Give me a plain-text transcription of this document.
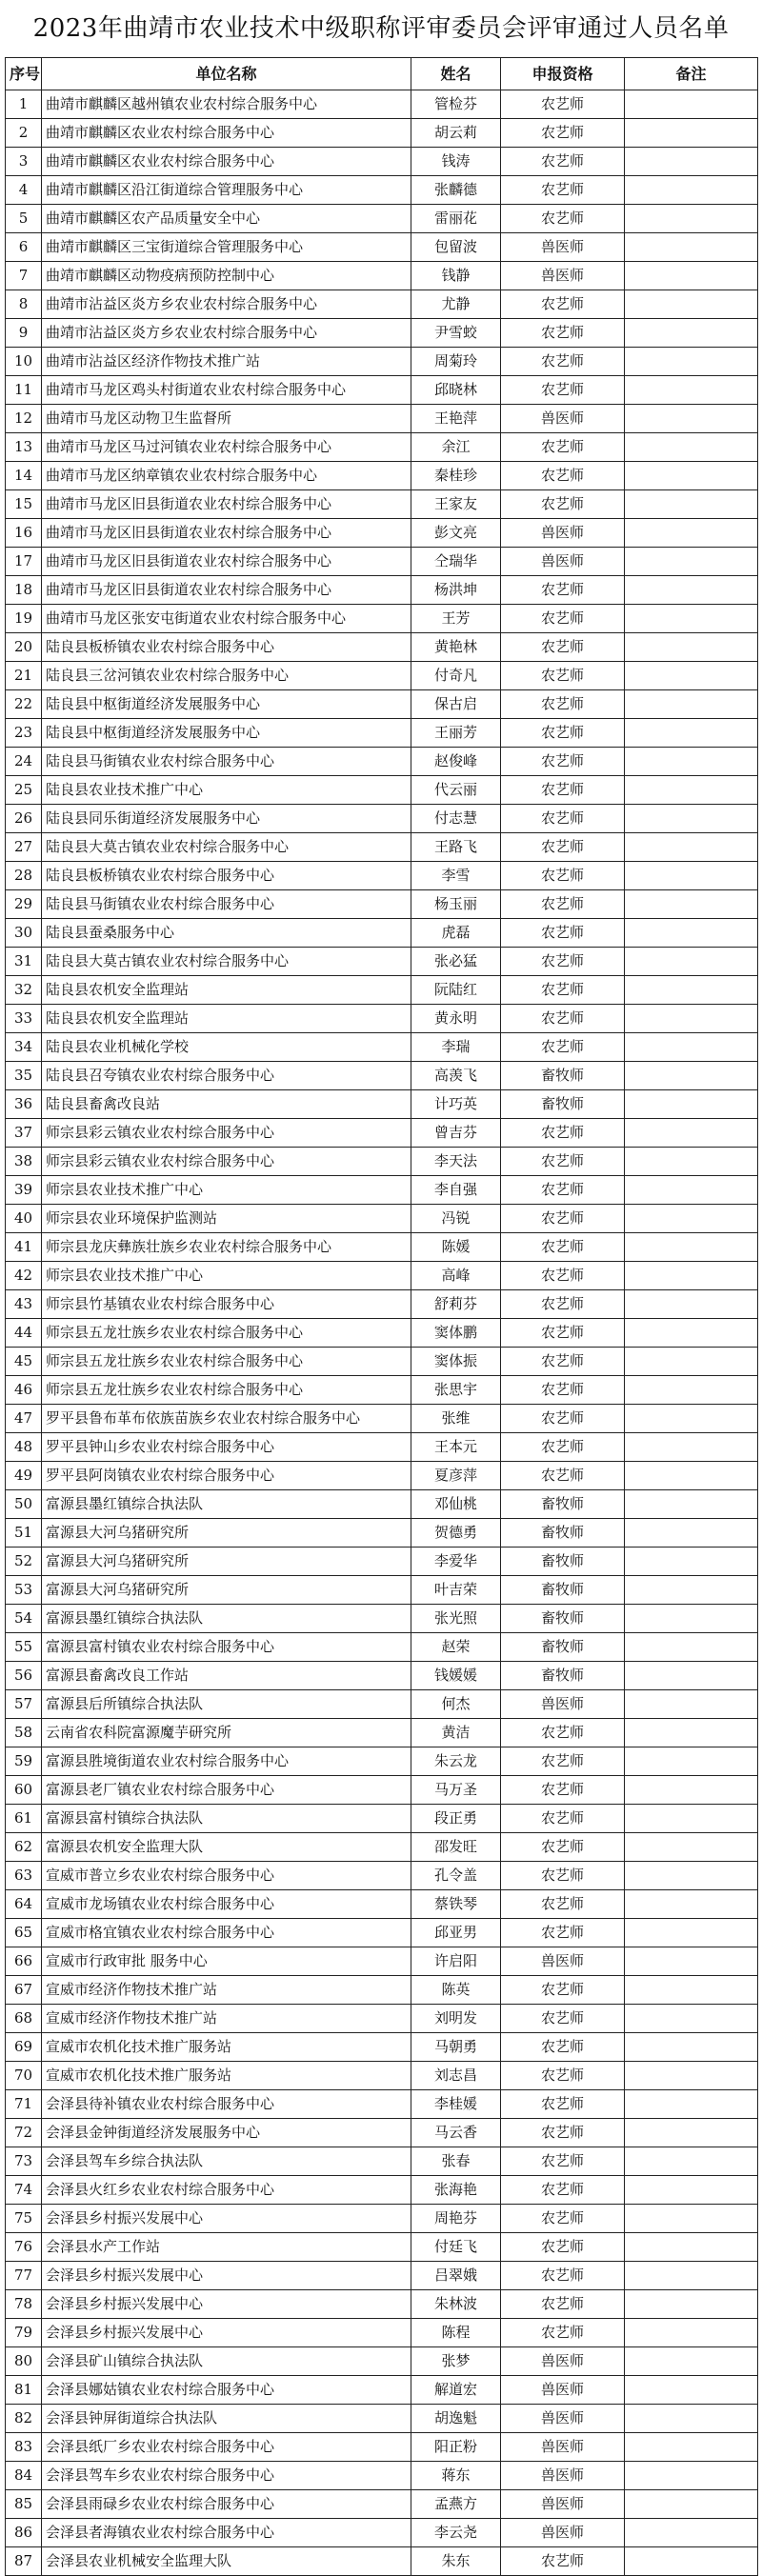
2023年曲靖市农业技术中级职称评审委员会评审通过人员名单
序号	单位名称	姓名	申报资格	备注
1	曲靖市麒麟区越州镇农业农村综合服务中心	管检芬	农艺师	
2	曲靖市麒麟区农业农村综合服务中心	胡云莉	农艺师	
3	曲靖市麒麟区农业农村综合服务中心	钱涛	农艺师	
4	曲靖市麒麟区沿江街道综合管理服务中心	张麟德	农艺师	
5	曲靖市麒麟区农产品质量安全中心	雷丽花	农艺师	
6	曲靖市麒麟区三宝街道综合管理服务中心	包留波	兽医师	
7	曲靖市麒麟区动物疫病预防控制中心	钱静	兽医师	
8	曲靖市沾益区炎方乡农业农村综合服务中心	尤静	农艺师	
9	曲靖市沾益区炎方乡农业农村综合服务中心	尹雪蛟	农艺师	
10	曲靖市沾益区经济作物技术推广站	周菊玲	农艺师	
11	曲靖市马龙区鸡头村街道农业农村综合服务中心	邱晓林	农艺师	
12	曲靖市马龙区动物卫生监督所	王艳萍	兽医师	
13	曲靖市马龙区马过河镇农业农村综合服务中心	余江	农艺师	
14	曲靖市马龙区纳章镇农业农村综合服务中心	秦桂珍	农艺师	
15	曲靖市马龙区旧县街道农业农村综合服务中心	王家友	农艺师	
16	曲靖市马龙区旧县街道农业农村综合服务中心	彭文亮	兽医师	
17	曲靖市马龙区旧县街道农业农村综合服务中心	仝瑞华	兽医师	
18	曲靖市马龙区旧县街道农业农村综合服务中心	杨洪坤	农艺师	
19	曲靖市马龙区张安屯街道农业农村综合服务中心	王芳	农艺师	
20	陆良县板桥镇农业农村综合服务中心	黄艳林	农艺师	
21	陆良县三岔河镇农业农村综合服务中心	付奇凡	农艺师	
22	陆良县中枢街道经济发展服务中心	保古启	农艺师	
23	陆良县中枢街道经济发展服务中心	王丽芳	农艺师	
24	陆良县马街镇农业农村综合服务中心	赵俊峰	农艺师	
25	陆良县农业技术推广中心	代云丽	农艺师	
26	陆良县同乐街道经济发展服务中心	付志慧	农艺师	
27	陆良县大莫古镇农业农村综合服务中心	王路飞	农艺师	
28	陆良县板桥镇农业农村综合服务中心	李雪	农艺师	
29	陆良县马街镇农业农村综合服务中心	杨玉丽	农艺师	
30	陆良县蚕桑服务中心	虎磊	农艺师	
31	陆良县大莫古镇农业农村综合服务中心	张必猛	农艺师	
32	陆良县农机安全监理站	阮陆红	农艺师	
33	陆良县农机安全监理站	黄永明	农艺师	
34	陆良县农业机械化学校	李瑞	农艺师	
35	陆良县召夸镇农业农村综合服务中心	高羡飞	畜牧师	
36	陆良县畜禽改良站	计巧英	畜牧师	
37	师宗县彩云镇农业农村综合服务中心	曾吉芬	农艺师	
38	师宗县彩云镇农业农村综合服务中心	李天法	农艺师	
39	师宗县农业技术推广中心	李自强	农艺师	
40	师宗县农业环境保护监测站	冯锐	农艺师	
41	师宗县龙庆彝族壮族乡农业农村综合服务中心	陈媛	农艺师	
42	师宗县农业技术推广中心	高峰	农艺师	
43	师宗县竹基镇农业农村综合服务中心	舒莉芬	农艺师	
44	师宗县五龙壮族乡农业农村综合服务中心	窦体鹏	农艺师	
45	师宗县五龙壮族乡农业农村综合服务中心	窦体振	农艺师	
46	师宗县五龙壮族乡农业农村综合服务中心	张思宇	农艺师	
47	罗平县鲁布革布依族苗族乡农业农村综合服务中心	张维	农艺师	
48	罗平县钟山乡农业农村综合服务中心	王本元	农艺师	
49	罗平县阿岗镇农业农村综合服务中心	夏彦萍	农艺师	
50	富源县墨红镇综合执法队	邓仙桃	畜牧师	
51	富源县大河乌猪研究所	贺德勇	畜牧师	
52	富源县大河乌猪研究所	李爱华	畜牧师	
53	富源县大河乌猪研究所	叶吉荣	畜牧师	
54	富源县墨红镇综合执法队	张光照	畜牧师	
55	富源县富村镇农业农村综合服务中心	赵荣	畜牧师	
56	富源县畜禽改良工作站	钱媛媛	畜牧师	
57	富源县后所镇综合执法队	何杰	兽医师	
58	云南省农科院富源魔芋研究所	黄洁	农艺师	
59	富源县胜境街道农业农村综合服务中心	朱云龙	农艺师	
60	富源县老厂镇农业农村综合服务中心	马万圣	农艺师	
61	富源县富村镇综合执法队	段正勇	农艺师	
62	富源县农机安全监理大队	邵发旺	农艺师	
63	宣威市普立乡农业农村综合服务中心	孔令盖	农艺师	
64	宣威市龙场镇农业农村综合服务中心	蔡铁琴	农艺师	
65	宣威市格宜镇农业农村综合服务中心	邱亚男	农艺师	
66	宣威市行政审批 服务中心	许启阳	兽医师	
67	宣威市经济作物技术推广站	陈英	农艺师	
68	宣威市经济作物技术推广站	刘明发	农艺师	
69	宣威市农机化技术推广服务站	马朝勇	农艺师	
70	宣威市农机化技术推广服务站	刘志昌	农艺师	
71	会泽县待补镇农业农村综合服务中心	李桂媛	农艺师	
72	会泽县金钟街道经济发展服务中心	马云香	农艺师	
73	会泽县驾车乡综合执法队	张春	农艺师	
74	会泽县火红乡农业农村综合服务中心	张海艳	农艺师	
75	会泽县乡村振兴发展中心	周艳芬	农艺师	
76	会泽县水产工作站	付廷飞	农艺师	
77	会泽县乡村振兴发展中心	吕翠娥	农艺师	
78	会泽县乡村振兴发展中心	朱林波	农艺师	
79	会泽县乡村振兴发展中心	陈程	农艺师	
80	会泽县矿山镇综合执法队	张梦	兽医师	
81	会泽县娜姑镇农业农村综合服务中心	解道宏	兽医师	
82	会泽县钟屏街道综合执法队	胡逸魁	兽医师	
83	会泽县纸厂乡农业农村综合服务中心	阳正粉	兽医师	
84	会泽县驾车乡农业农村综合服务中心	蒋东	兽医师	
85	会泽县雨碌乡农业农村综合服务中心	孟燕方	兽医师	
86	会泽县者海镇农业农村综合服务中心	李云尧	兽医师	
87	会泽县农业机械安全监理大队	朱东	农艺师	
